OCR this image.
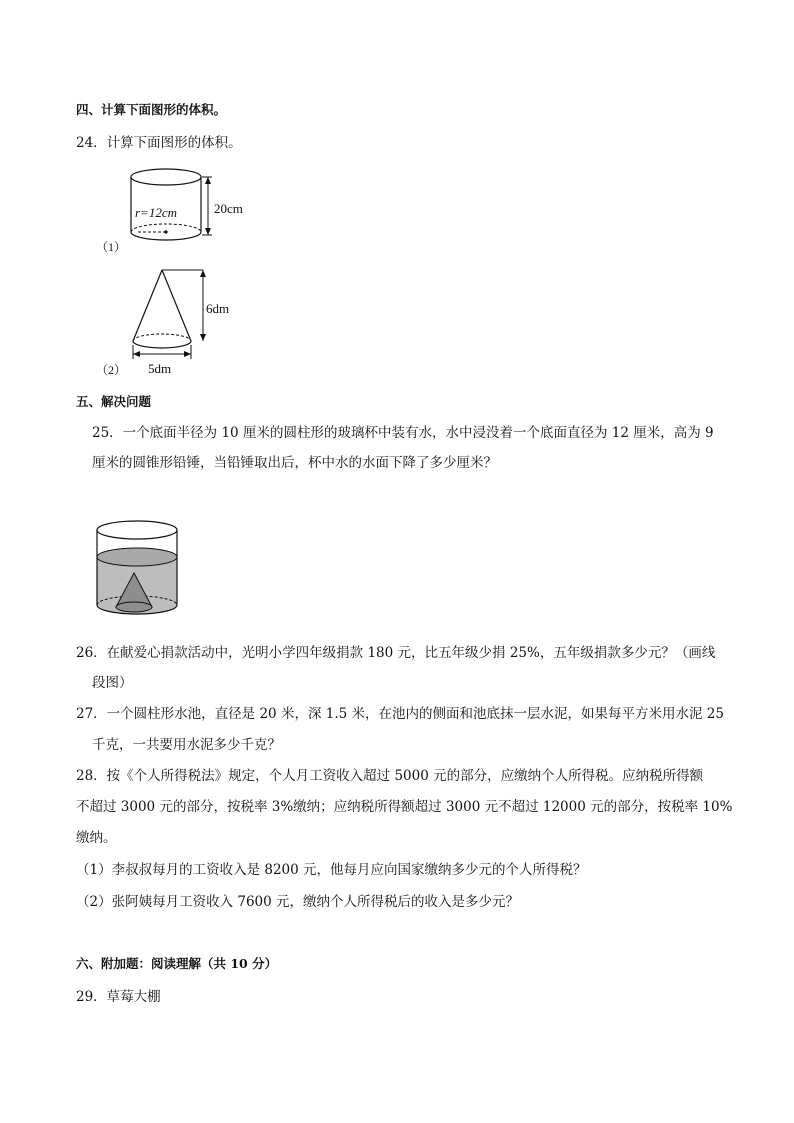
四、计算下面图形的体积。
24．计算下面图形的体积。
r=12cm	20cm
（1）
6dm
5dm
（2）
五、解决问题
25．一个底面半径为 10 厘米的圆柱形的玻璃杯中装有水，水中浸没着一个底面直径为 12 厘米，高为 9
厘米的圆锥形铅锤，当铅锤取出后，杯中水的水面下降了多少厘米？
26．在献爱心捐款活动中，光明小学四年级捐款 180 元，比五年级少捐 25%，五年级捐款多少元？（画线
段图）
27．一个圆柱形水池，直径是 20 米，深 1.5 米，在池内的侧面和池底抹一层水泥，如果每平方米用水泥 25
千克，一共要用水泥多少千克？
28．按《个人所得税法》规定，个人月工资收入超过 5000 元的部分，应缴纳个人所得税。应纳税所得额
不超过 3000 元的部分，按税率 3%缴纳；应纳税所得额超过 3000 元不超过 12000 元的部分，按税率 10%
缴纳。
（1）李叔叔每月的工资收入是 8200 元，他每月应向国家缴纳多少元的个人所得税？
（2）张阿姨每月工资收入 7600 元，缴纳个人所得税后的收入是多少元？
六、附加题：阅读理解（共 10 分）
29．草莓大棚
